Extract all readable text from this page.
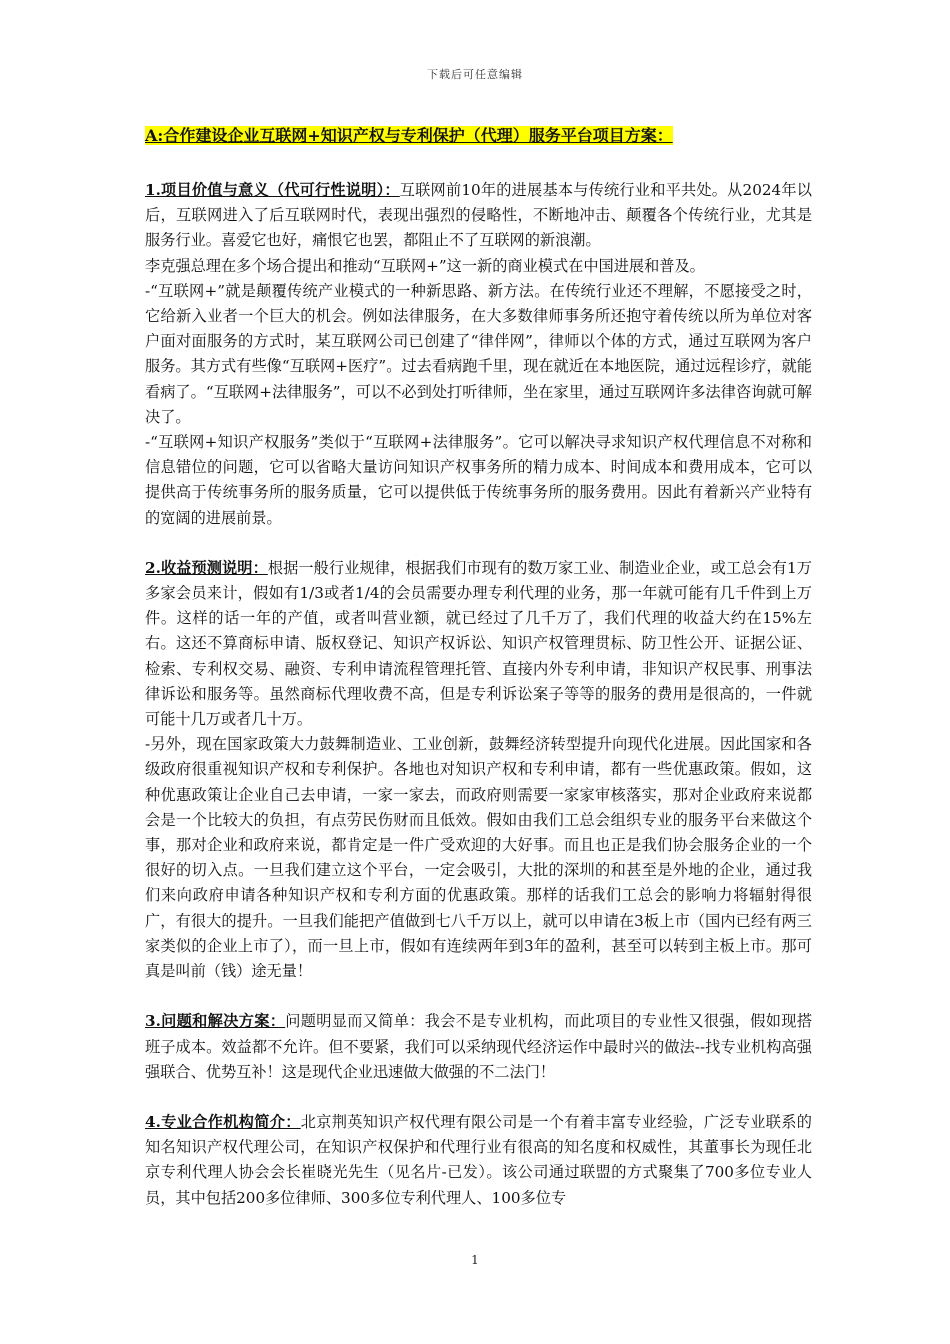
下载后可任意编辑

A:合作建设企业互联网+知识产权与专利保护（代理）服务平台项目方案：

1.项目价值与意义（代可行性说明）：互联网前10年的进展基本与传统行业和平共处。从2024年以后，互联网进入了后互联网时代，表现出强烈的侵略性，不断地冲击、颠覆各个传统行业，尤其是服务行业。喜爱它也好，痛恨它也罢，都阻止不了互联网的新浪潮。

李克强总理在多个场合提出和推动“互联网+”这一新的商业模式在中国进展和普及。

-“互联网+”就是颠覆传统产业模式的一种新思路、新方法。在传统行业还不理解，不愿接受之时，它给新入业者一个巨大的机会。例如法律服务，在大多数律师事务所还抱守着传统以所为单位对客户面对面服务的方式时，某互联网公司已创建了“律伴网”，律师以个体的方式，通过互联网为客户服务。其方式有些像“互联网+医疗”。过去看病跑千里，现在就近在本地医院，通过远程诊疗，就能看病了。“互联网+法律服务”，可以不必到处打听律师，坐在家里，通过互联网许多法律咨询就可解决了。

-“互联网+知识产权服务”类似于“互联网+法律服务”。它可以解决寻求知识产权代理信息不对称和信息错位的问题，它可以省略大量访问知识产权事务所的精力成本、时间成本和费用成本，它可以提供高于传统事务所的服务质量，它可以提供低于传统事务所的服务费用。因此有着新兴产业特有的宽阔的进展前景。

2.收益预测说明：根据一般行业规律，根据我们市现有的数万家工业、制造业企业，或工总会有1万多家会员来计，假如有1/3或者1/4的会员需要办理专利代理的业务，那一年就可能有几千件到上万件。这样的话一年的产值，或者叫营业额，就已经过了几千万了，我们代理的收益大约在15%左右。这还不算商标申请、版权登记、知识产权诉讼、知识产权管理贯标、防卫性公开、证据公证、检索、专利权交易、融资、专利申请流程管理托管、直接内外专利申请，非知识产权民事、刑事法律诉讼和服务等。虽然商标代理收费不高，但是专利诉讼案子等等的服务的费用是很高的，一件就可能十几万或者几十万。

-另外，现在国家政策大力鼓舞制造业、工业创新，鼓舞经济转型提升向现代化进展。因此国家和各级政府很重视知识产权和专利保护。各地也对知识产权和专利申请，都有一些优惠政策。假如，这种优惠政策让企业自己去申请，一家一家去，而政府则需要一家家审核落实，那对企业政府来说都会是一个比较大的负担，有点劳民伤财而且低效。假如由我们工总会组织专业的服务平台来做这个事，那对企业和政府来说，都肯定是一件广受欢迎的大好事。而且也正是我们协会服务企业的一个很好的切入点。一旦我们建立这个平台，一定会吸引，大批的深圳的和甚至是外地的企业，通过我们来向政府申请各种知识产权和专利方面的优惠政策。那样的话我们工总会的影响力将辐射得很广，有很大的提升。一旦我们能把产值做到七八千万以上，就可以申请在3板上市（国内已经有两三家类似的企业上市了），而一旦上市，假如有连续两年到3年的盈利，甚至可以转到主板上市。那可真是叫前（钱）途无量！

3.问题和解决方案：问题明显而又简单：我会不是专业机构，而此项目的专业性又很强，假如现搭班子成本。效益都不允许。但不要紧，我们可以采纳现代经济运作中最时兴的做法--找专业机构高强强联合、优势互补！这是现代企业迅速做大做强的不二法门！

4.专业合作机构简介：北京荆英知识产权代理有限公司是一个有着丰富专业经验，广泛专业联系的知名知识产权代理公司，在知识产权保护和代理行业有很高的知名度和权威性，其董事长为现任北京专利代理人协会会长崔晓光先生（见名片-已发）。该公司通过联盟的方式聚集了700多位专业人员，其中包括200多位律师、300多位专利代理人、100多位专

1
